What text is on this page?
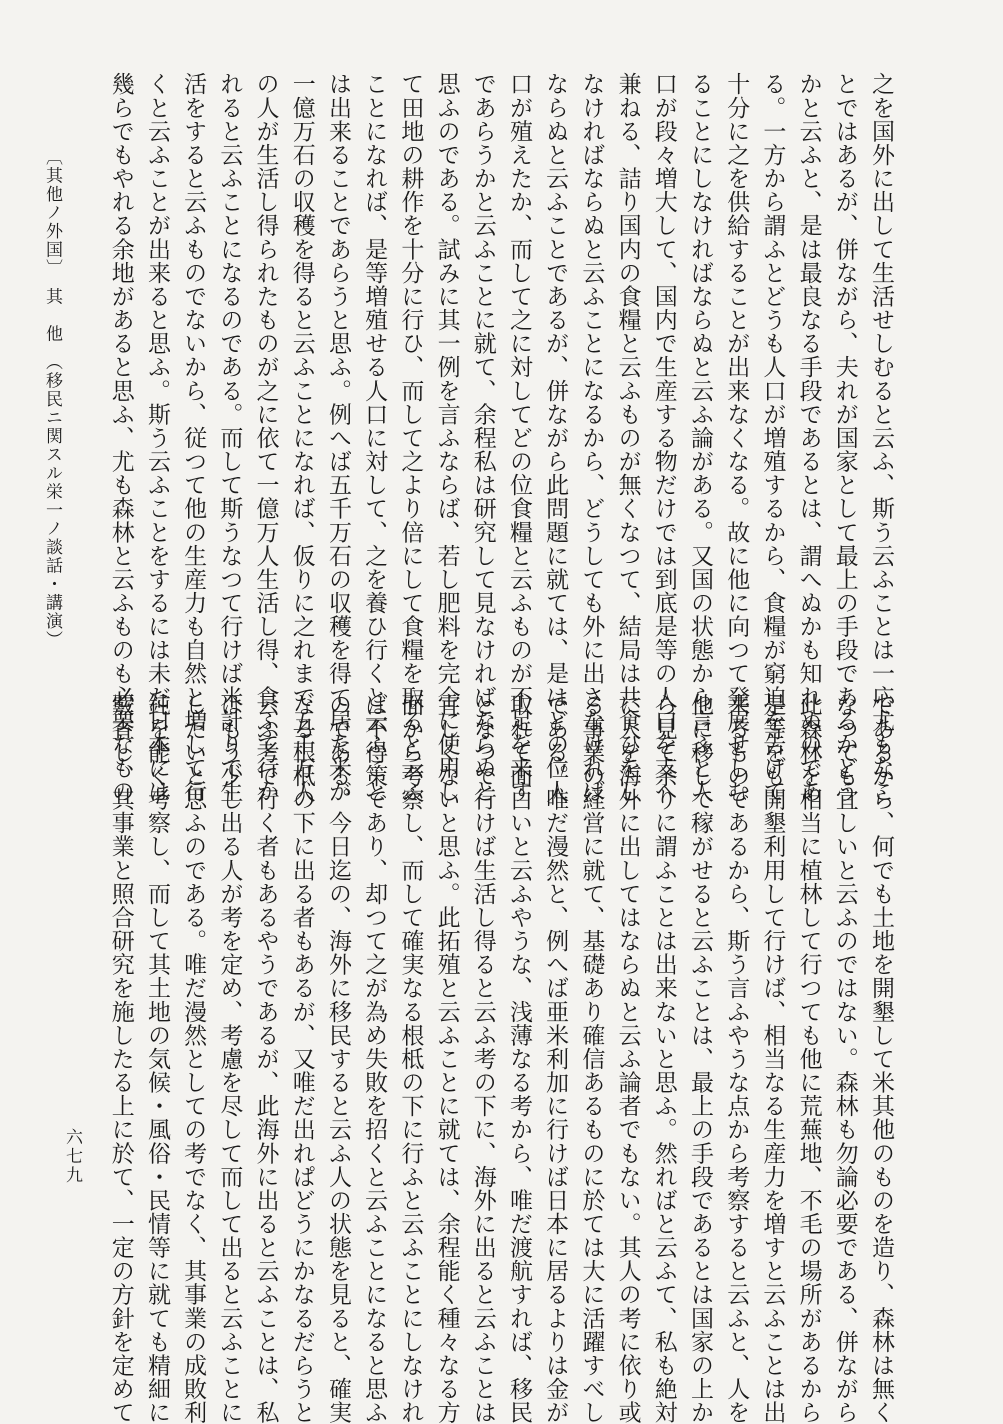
〔其他ノ外国〕　其　他　（移民ニ関スル栄一ノ談話・講演）	之を国外に出して生活せしむると云ふ、斯う云ふことは一応尤もなこ
とではあるが、併ながら、夫れが国家として最上の手段であるかどう
かと云ふと、是は最良なる手段であるとは、謂へぬかも知れぬのであ
る。一方から謂ふとどうも人口が増殖するから、食糧が窮迫を告げて
十分に之を供給することが出来なくなる。故に他に向つて発展せしむ
ることにしなければならぬと云ふ論がある。又国の状態から言ふと人
口が段々増大して、国内で生産する物だけでは到底是等の人口を支へ
兼ねる、詰り国内の食糧と云ふものが無くなつて、結局は共食ひをし
なければならぬと云ふことになるから、どうしても外に出さなければ
ならぬと云ふことであるが、併ながら此問題に就ては、是はどの位人
口が殖えたか、而して之に対してどの位食糧と云ふものが不足を来す
であらうかと云ふことに就て、余程私は研究して見なければならぬと
思ふのである。試みに其一例を言ふならば、若し肥料を完全に使用し
て田地の耕作を十分に行ひ、而して之より倍にして食糧を取ると云ふ
ことになれば、是等増殖せる人口に対して、之を養ひ行くと云ふこと
は出来ることであらうと思ふ。例へば五千万石の収穫を得て居た米が
一億万石の収穫を得ると云ふことになれば、仮りに之れまで五千万人
の人が生活し得られたものが之に依て一億万人生活し得、食ふて行か
れると云ふことになるのである。而して斯うなつて行けば米計りで生
活をすると云ふものでないから、従つて他の生産力も自然と増して行
くと云ふことが出来ると思ふ。斯う云ふことをするには未だ日本には
幾らでもやれる余地があると思ふ、尤も森林と云ふものも必要なもの
であるから、何でも土地を開墾して米其他のものを造り、森林は無く
なつても宜しいと云ふのではない。森林も勿論必要である、併ながら
此森林を相当に植林して行つても他に荒蕪地、不毛の場所があるから
是等をも開墾利用して行けば、相当なる生産力を増すと云ふことは出
来るものであるから、斯う言ふやうな点から考察すると云ふと、人を
他に移して稼がせると云ふことは、最上の手段であるとは国家の上か
ら見て余りに謂ふことは出来ないと思ふ。然ればと云ふて、私も絶対
に人を海外に出してはならぬと云ふ論者でもない。其人の考に依り或
る事業の経営に就て、基礎あり確信あるものに於ては大に活躍すべし
である。唯だ漫然と、例へば亜米利加に行けば日本に居るよりは金が
取れて面白いと云ふやうな、浅薄なる考から、唯だ渡航すれば、移民
となつて行けば生活し得ると云ふ考の下に、海外に出ると云ふことは
宜しくないと思ふ。此拓殖と云ふことに就ては、余程能く種々なる方
面から考察し、而して確実なる根柢の下に行ふと云ふことにしなけれ
ば不得策であり、却つて之が為め失敗を招くと云ふことになると思ふ
のである。今日迄の、海外に移民すると云ふ人の状態を見ると、確実
なる根柢の下に出る者もあるが、又唯だ出れぱどうにかなるだらうと
云ふ考で行く者もあるやうであるが、此海外に出ると云ふことは、私
はもう少し出る人が考を定め、考慮を尽して而して出ると云ふことに
したいと思ふのである。唯だ漫然としての考でなく、其事業の成敗利
鈍を能く考察し、而して其土地の気候・風俗・民情等に就ても精細に
覈査し、其事業と照合研究を施したる上に於て、一定の方針を定めて
六七九
